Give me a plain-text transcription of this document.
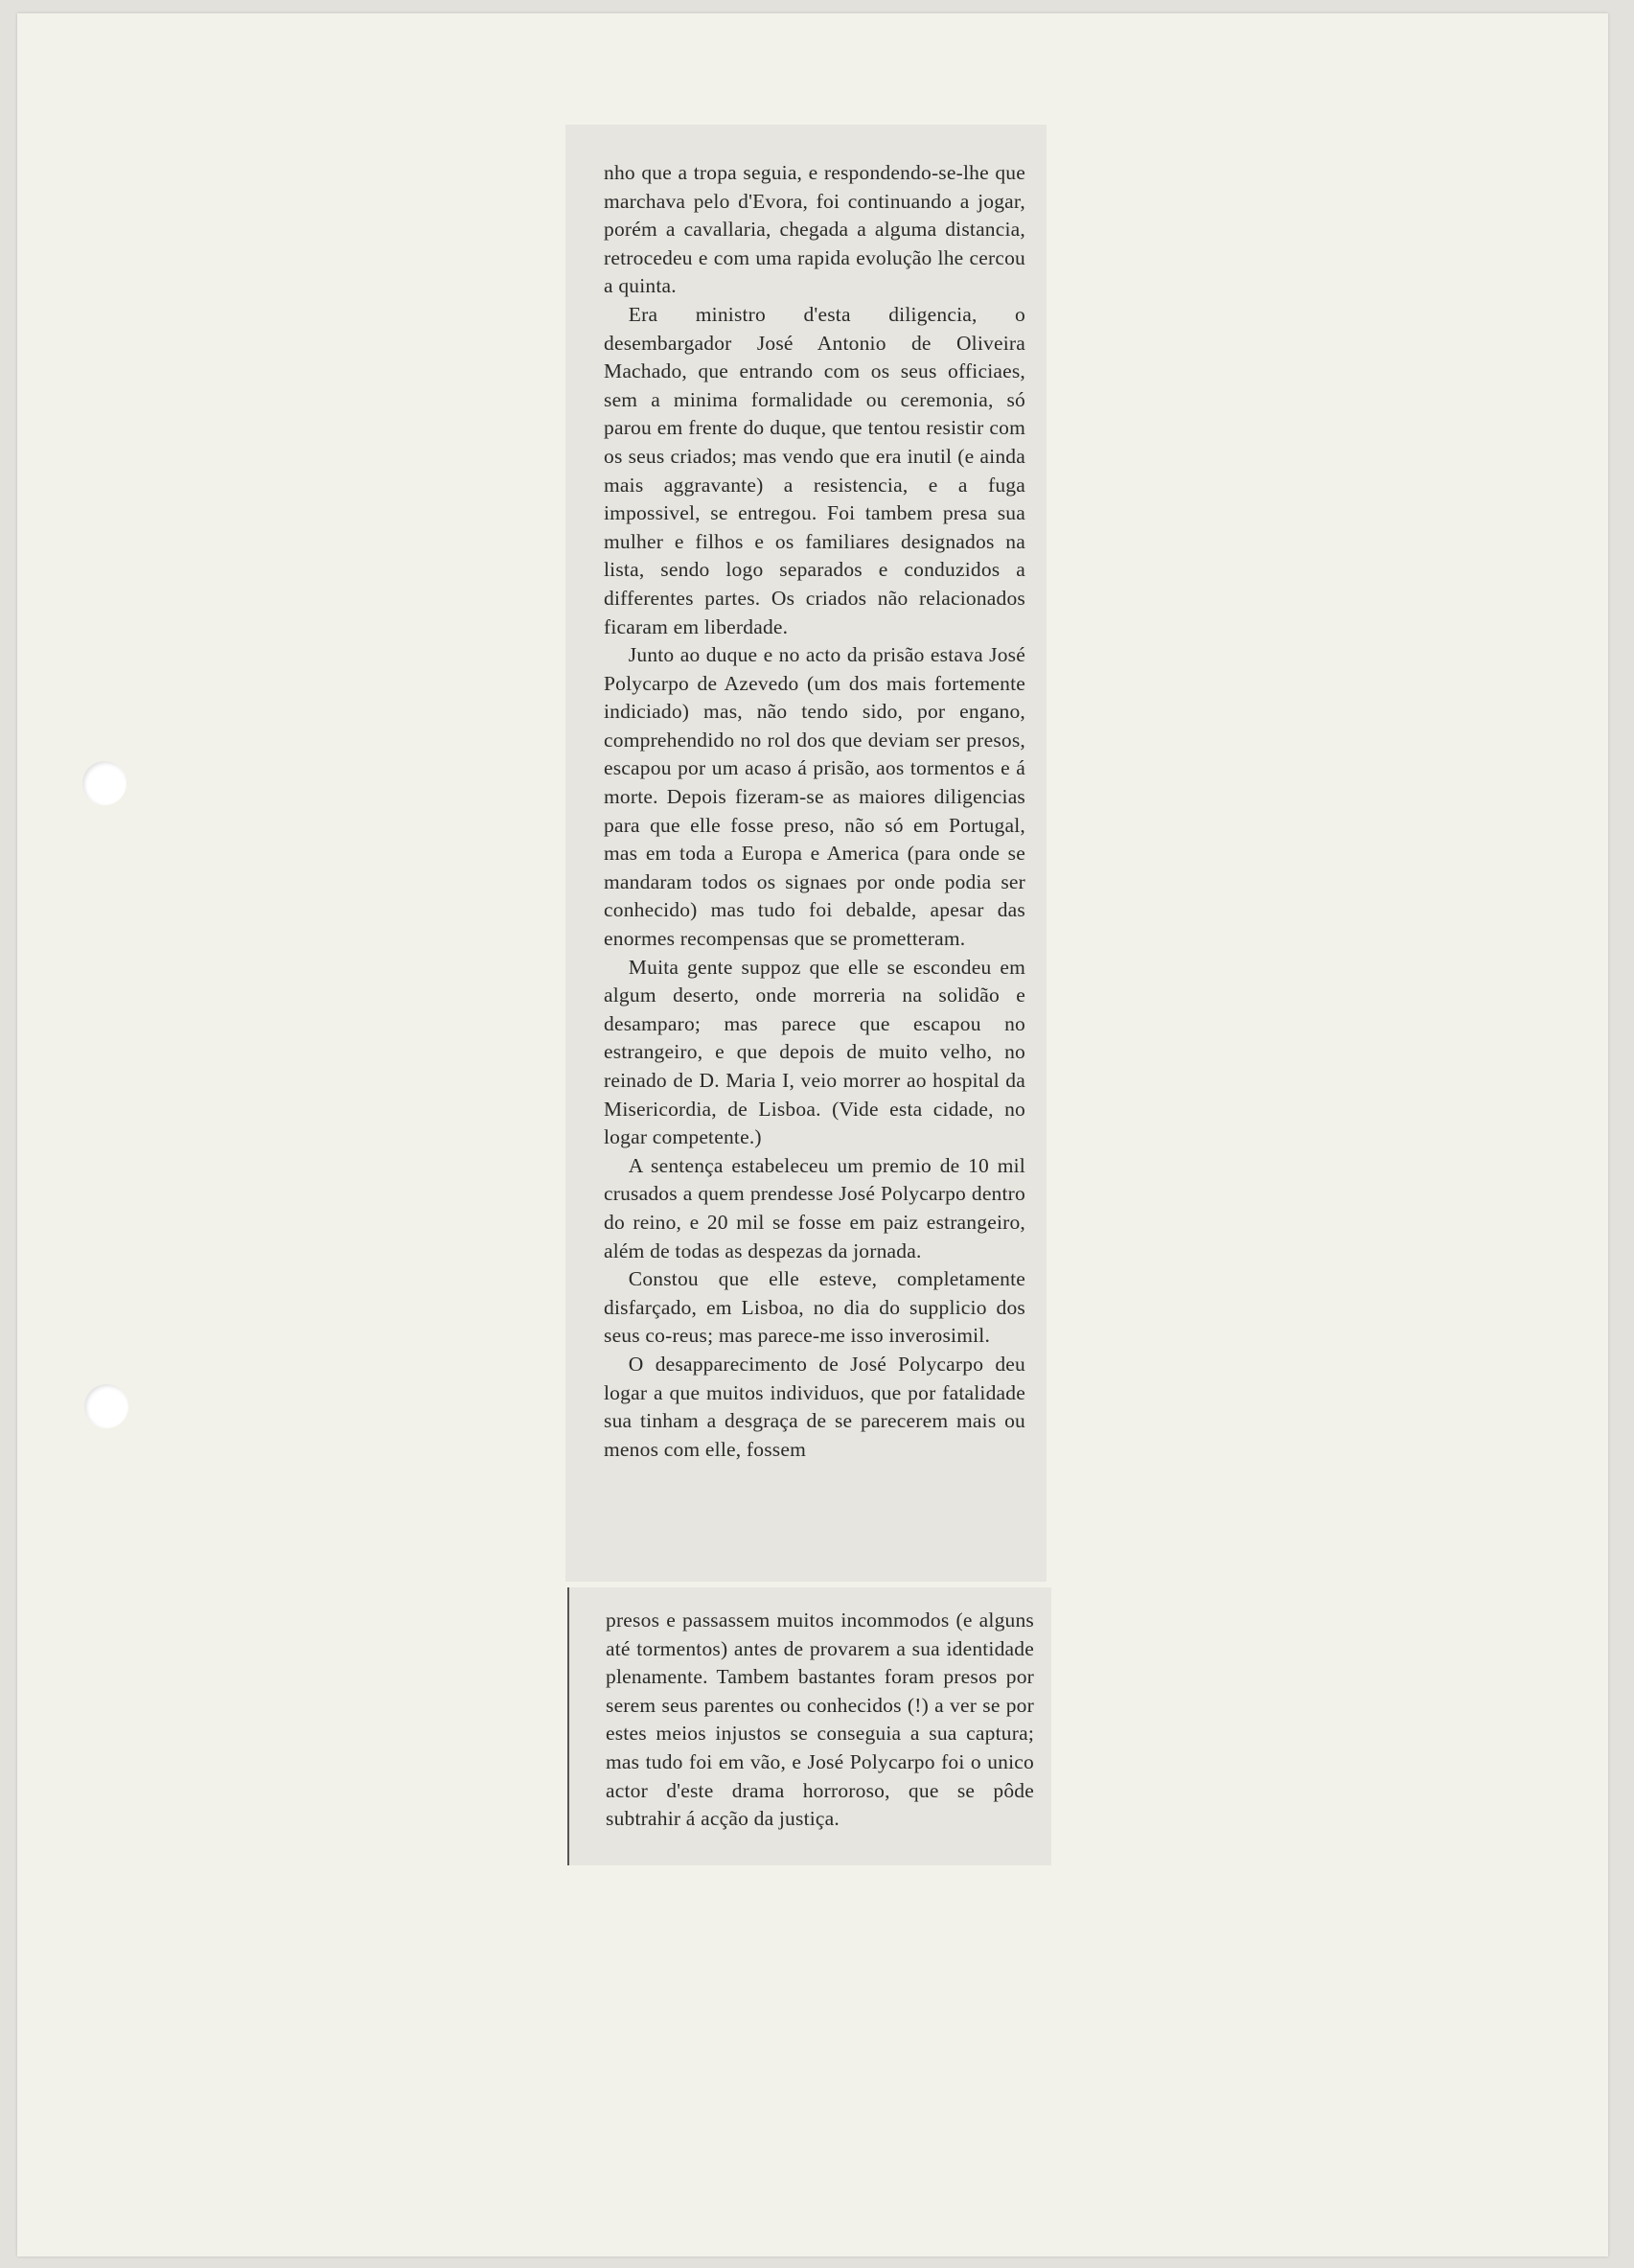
nho que a tropa seguia, e respondendo-se-lhe que marchava pelo d'Evora, foi continuando a jogar, porém a cavallaria, chegada a alguma distancia, retrocedeu e com uma rapida evolução lhe cercou a quinta.

Era ministro d'esta diligencia, o desembargador José Antonio de Oliveira Machado, que entrando com os seus officiaes, sem a minima formalidade ou ceremonia, só parou em frente do duque, que tentou resistir com os seus criados; mas vendo que era inutil (e ainda mais aggravante) a resistencia, e a fuga impossivel, se entregou. Foi tambem presa sua mulher e filhos e os familiares designados na lista, sendo logo separados e conduzidos a differentes partes. Os criados não relacionados ficaram em liberdade.

Junto ao duque e no acto da prisão estava José Polycarpo de Azevedo (um dos mais fortemente indiciado) mas, não tendo sido, por engano, comprehendido no rol dos que deviam ser presos, escapou por um acaso á prisão, aos tormentos e á morte. Depois fizeram-se as maiores diligencias para que elle fosse preso, não só em Portugal, mas em toda a Europa e America (para onde se mandaram todos os signaes por onde podia ser conhecido) mas tudo foi debalde, apesar das enormes recompensas que se prometteram.

Muita gente suppoz que elle se escondeu em algum deserto, onde morreria na solidão e desamparo; mas parece que escapou no estrangeiro, e que depois de muito velho, no reinado de D. Maria I, veio morrer ao hospital da Misericordia, de Lisboa. (Vide esta cidade, no logar competente.)

A sentença estabeleceu um premio de 10 mil crusados a quem prendesse José Polycarpo dentro do reino, e 20 mil se fosse em paiz estrangeiro, além de todas as despezas da jornada.

Constou que elle esteve, completamente disfarçado, em Lisboa, no dia do supplicio dos seus co-reus; mas parece-me isso inverosimil.

O desapparecimento de José Polycarpo deu logar a que muitos individuos, que por fatalidade sua tinham a desgraça de se parecerem mais ou menos com elle, fossem

presos e passassem muitos incommodos (e alguns até tormentos) antes de provarem a sua identidade plenamente. Tambem bastantes foram presos por serem seus parentes ou conhecidos (!) a ver se por estes meios injustos se conseguia a sua captura; mas tudo foi em vão, e José Polycarpo foi o unico actor d'este drama horroroso, que se pôde subtrahir á acção da justiça.
